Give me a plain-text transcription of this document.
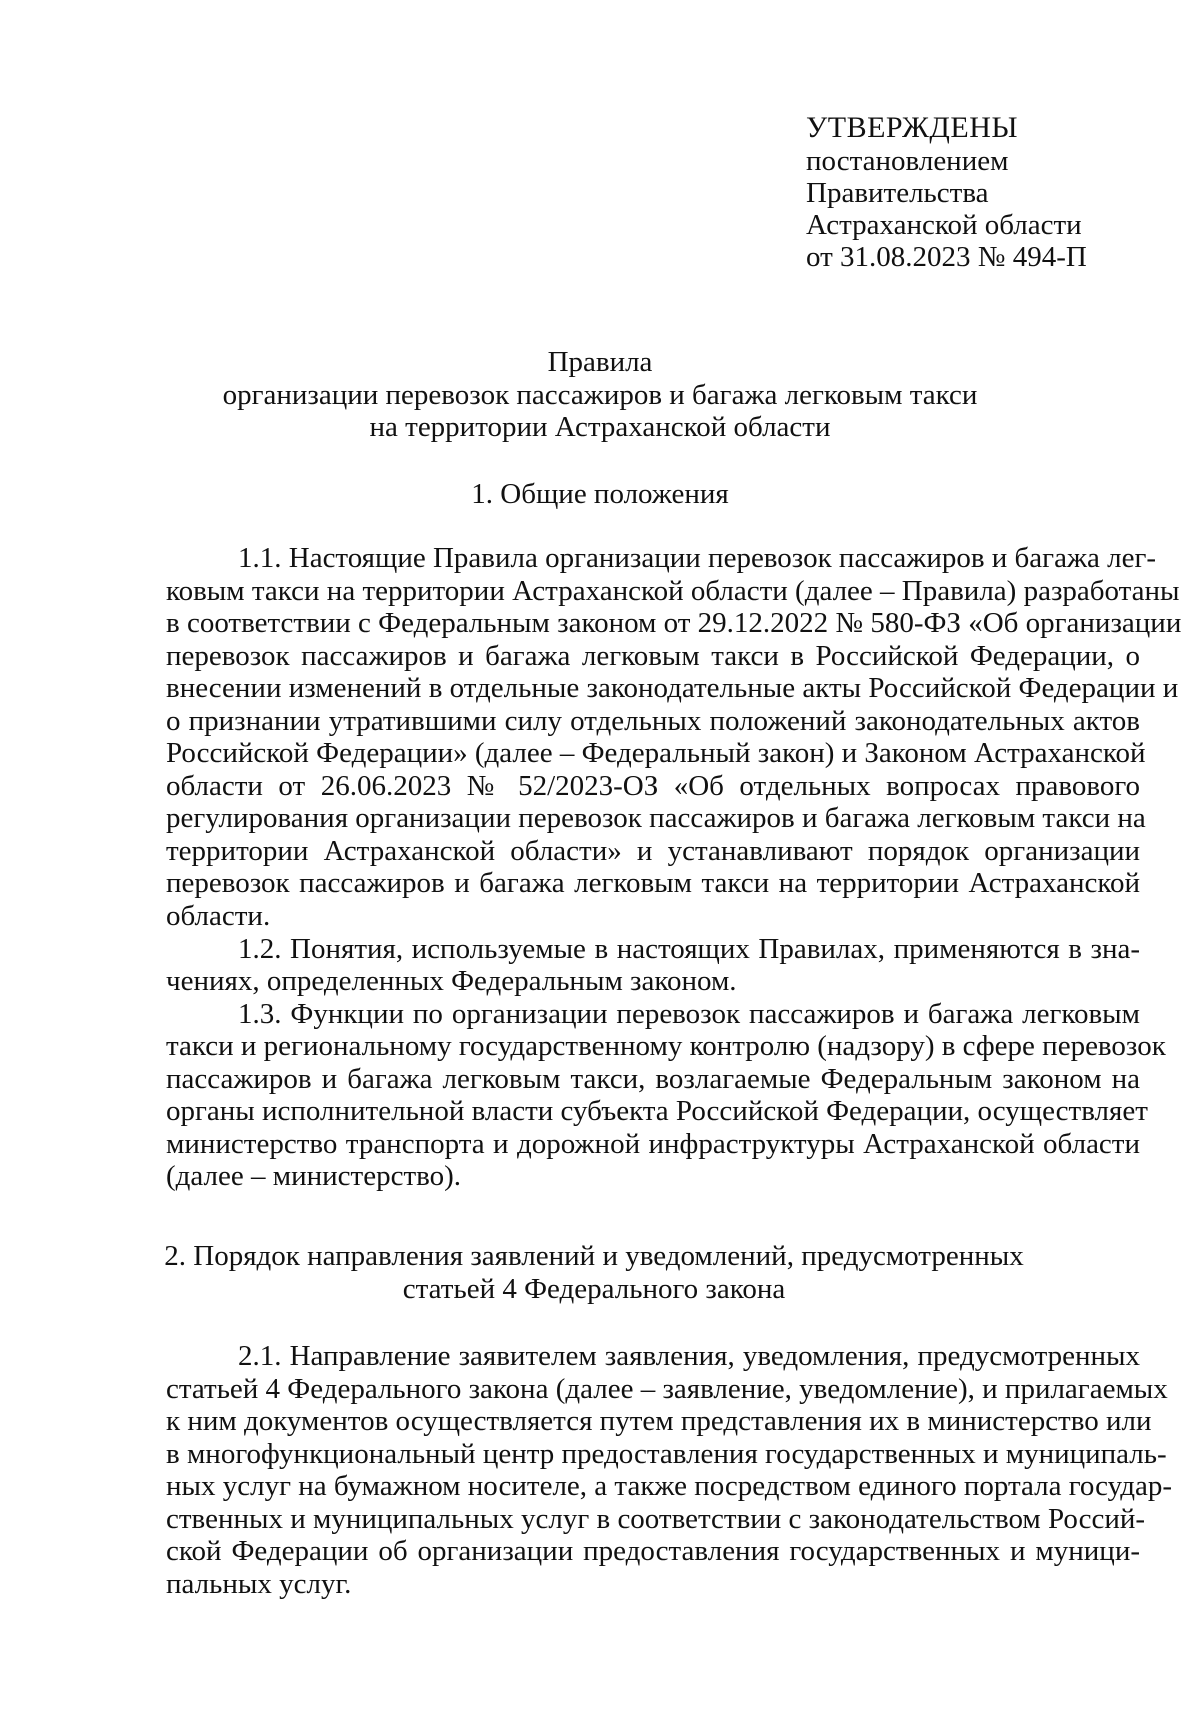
УТВЕРЖДЕНЫ
постановлением
Правительства
Астраханской области
от 31.08.2023 № 494-П
Правила
организации перевозок пассажиров и багажа легковым такси
на территории Астраханской области
1. Общие положения
1.1. Настоящие Правила организации перевозок пассажиров и багажа лег-
ковым такси на территории Астраханской области (далее – Правила) разработаны
в соответствии с Федеральным законом от 29.12.2022 № 580-ФЗ «Об организации
перевозок пассажиров и багажа легковым такси в Российской Федерации, о
внесении изменений в отдельные законодательные акты Российской Федерации и
о признании утратившими силу отдельных положений законодательных актов
Российской Федерации» (далее – Федеральный закон) и Законом Астраханской
области от 26.06.2023 № 52/2023-ОЗ «Об отдельных вопросах правового
регулирования организации перевозок пассажиров и багажа легковым такси на
территории Астраханской области» и устанавливают порядок организации
перевозок пассажиров и багажа легковым такси на территории Астраханской
области.
1.2. Понятия, используемые в настоящих Правилах, применяются в зна-
чениях, определенных Федеральным законом.
1.3. Функции по организации перевозок пассажиров и багажа легковым
такси и региональному государственному контролю (надзору) в сфере перевозок
пассажиров и багажа легковым такси, возлагаемые Федеральным законом на
органы исполнительной власти субъекта Российской Федерации, осуществляет
министерство транспорта и дорожной инфраструктуры Астраханской области
(далее – министерство).
2. Порядок направления заявлений и уведомлений, предусмотренных
статьей 4 Федерального закона
2.1. Направление заявителем заявления, уведомления, предусмотренных
статьей 4 Федерального закона (далее – заявление, уведомление), и прилагаемых
к ним документов осуществляется путем представления их в министерство или
в многофункциональный центр предоставления государственных и муниципаль-
ных услуг на бумажном носителе, а также посредством единого портала государ-
ственных и муниципальных услуг в соответствии с законодательством Россий-
ской Федерации об организации предоставления государственных и муници-
пальных услуг.
